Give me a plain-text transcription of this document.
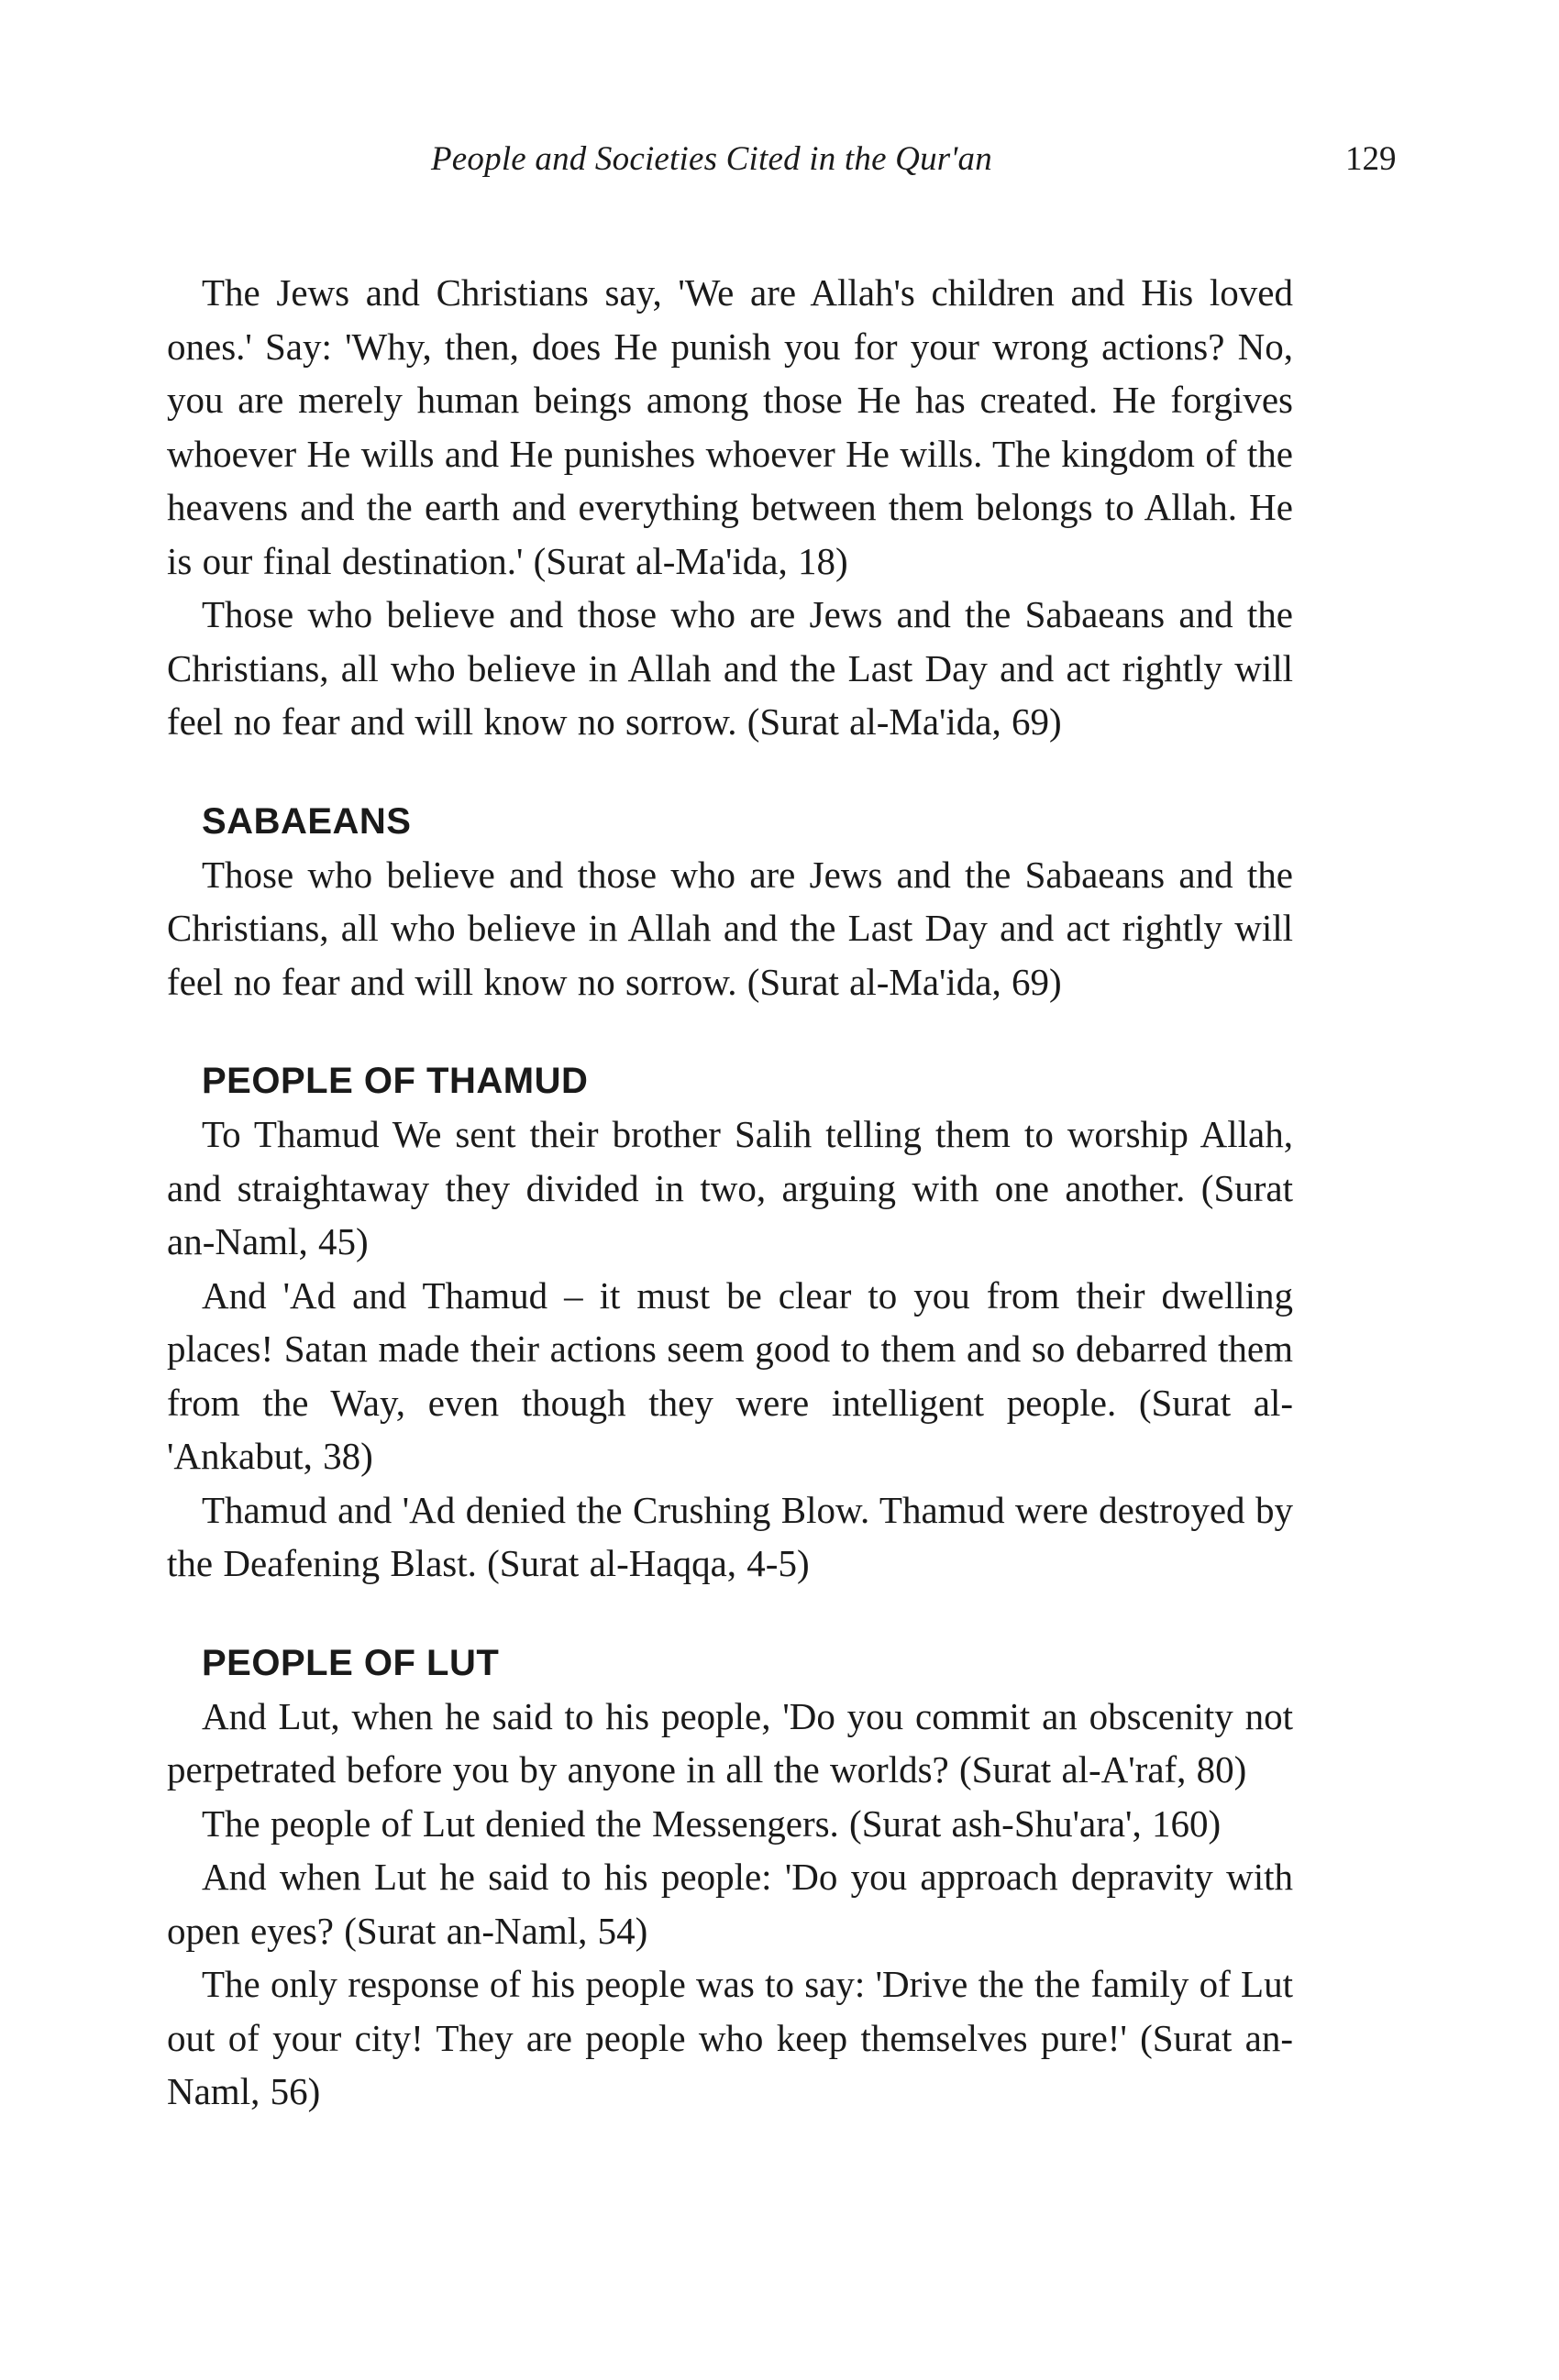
People and Societies Cited in the Qur'an	129

The Jews and Christians say, 'We are Allah's children and His loved ones.' Say: 'Why, then, does He punish you for your wrong actions? No, you are merely human beings among those He has created. He forgives whoever He wills and He punishes whoever He wills. The kingdom of the heavens and the earth and everything between them belongs to Allah. He is our final destination.' (Surat al-Ma'ida, 18)

Those who believe and those who are Jews and the Sabaeans and the Christians, all who believe in Allah and the Last Day and act rightly will feel no fear and will know no sorrow. (Surat al-Ma'ida, 69)

SABAEANS

Those who believe and those who are Jews and the Sabaeans and the Christians, all who believe in Allah and the Last Day and act rightly will feel no fear and will know no sorrow. (Surat al-Ma'ida, 69)

PEOPLE OF THAMUD

To Thamud We sent their brother Salih telling them to worship Allah, and straightaway they divided in two, arguing with one another. (Surat an-Naml, 45)

And 'Ad and Thamud – it must be clear to you from their dwelling places! Satan made their actions seem good to them and so debarred them from the Way, even though they were intelligent people. (Surat al-'Ankabut, 38)

Thamud and 'Ad denied the Crushing Blow. Thamud were destroyed by the Deafening Blast. (Surat al-Haqqa, 4-5)

PEOPLE OF LUT

And Lut, when he said to his people, 'Do you commit an obscenity not perpetrated before you by anyone in all the worlds? (Surat al-A'raf, 80)

The people of Lut denied the Messengers. (Surat ash-Shu'ara', 160)

And when Lut he said to his people: 'Do you approach depravity with open eyes? (Surat an-Naml, 54)

The only response of his people was to say: 'Drive the the family of Lut out of your city! They are people who keep themselves pure!' (Surat an-Naml, 56)
